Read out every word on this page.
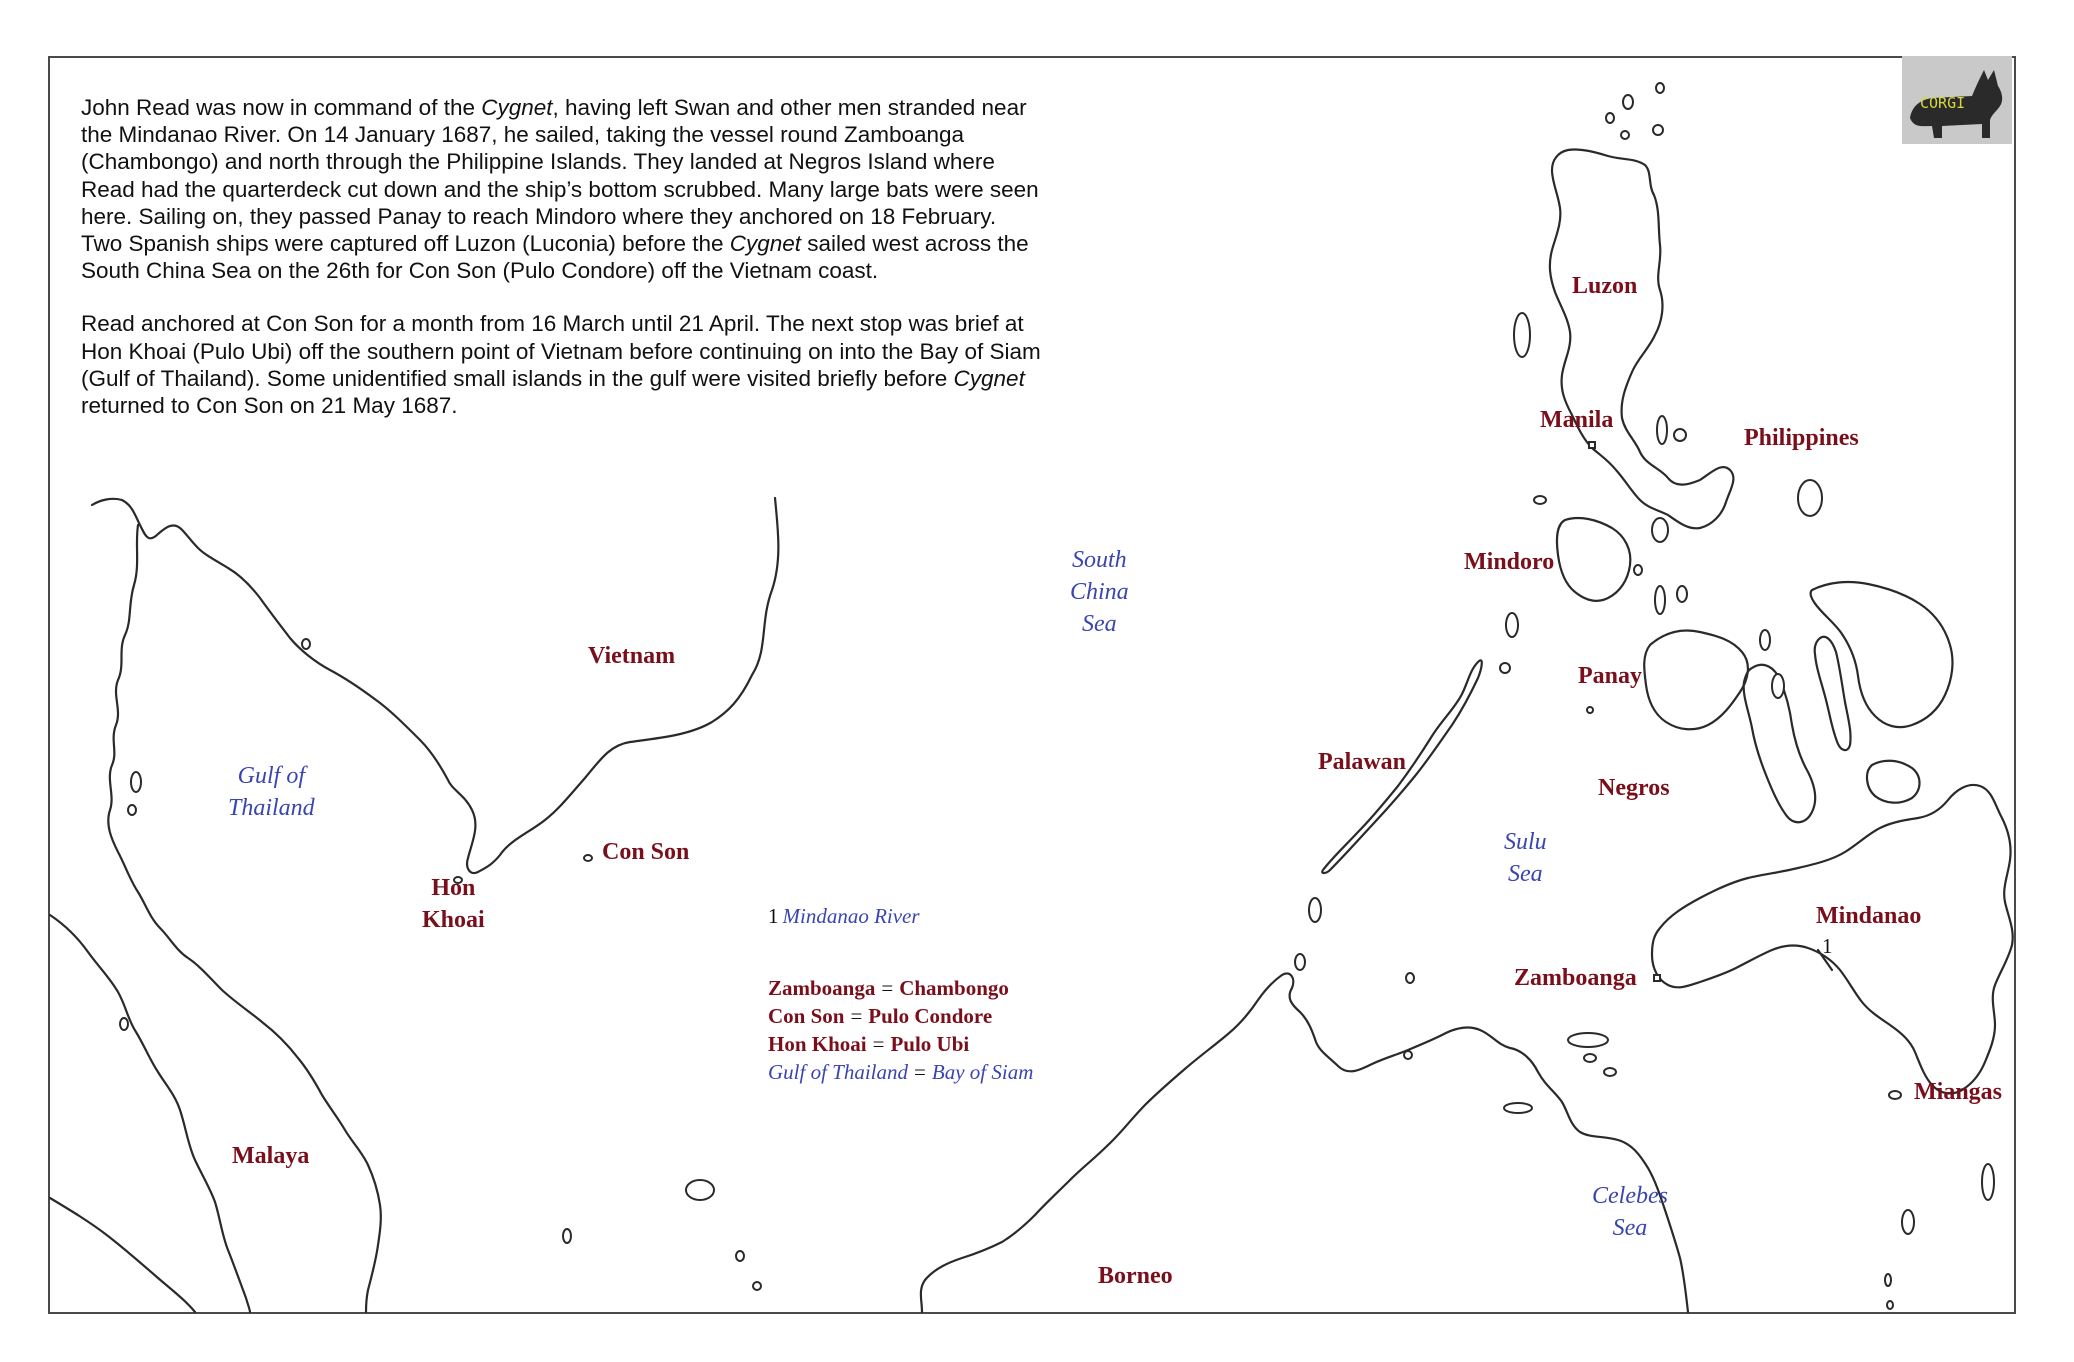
John Read was now in command of the Cygnet, having left Swan and other men stranded near the Mindanao River. On 14 January 1687, he sailed, taking the vessel round Zamboanga (Chambongo) and north through the Philippine Islands. They landed at Negros Island where Read had the quarterdeck cut down and the ship’s bottom scrubbed. Many large bats were seen here. Sailing on, they passed Panay to reach Mindoro where they anchored on 18 February. Two Spanish ships were captured off Luzon (Luconia) before the Cygnet sailed west across the South China Sea on the 26th for Con Son (Pulo Condore) off the Vietnam coast.

Read anchored at Con Son for a month from 16 March until 21 April. The next stop was brief at Hon Khoai (Pulo Ubi) off the southern point of Vietnam before continuing on into the Bay of Siam (Gulf of Thailand). Some unidentified small islands in the gulf were visited briefly before Cygnet returned to Con Son on 21 May 1687.

Vietnam
Gulf of
Thailand
Hon
Khoai
Con Son
Malaya
Borneo
South
China
Sea
Luzon
Manila
Philippines
Mindoro
Panay
Palawan
Negros
Sulu
Sea
Mindanao
Zamboanga
Miangas
Celebes
Sea
1
1 Mindanao River
Zamboanga = Chambongo
Con Son = Pulo Condore
Hon Khoai = Pulo Ubi
Gulf of Thailand = Bay of Siam
CORGI
